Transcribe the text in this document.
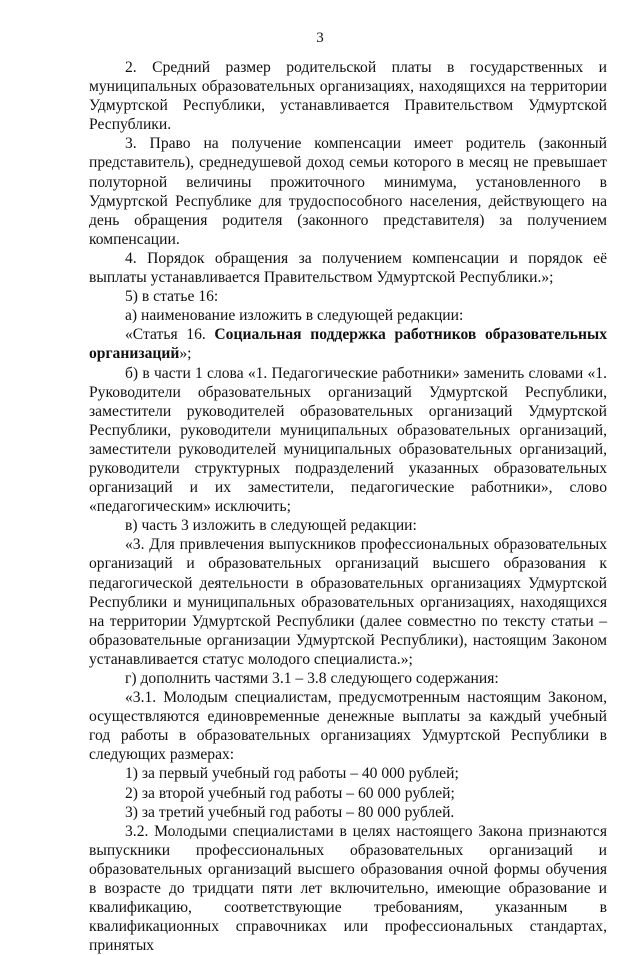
3

2. Средний размер родительской платы в государственных и муниципальных образовательных организациях, находящихся на территории Удмуртской Республики, устанавливается Правительством Удмуртской Республики.

3. Право на получение компенсации имеет родитель (законный представитель), среднедушевой доход семьи которого в месяц не превышает полуторной величины прожиточного минимума, установленного в Удмуртской Республике для трудоспособного населения, действующего на день обращения родителя (законного представителя) за получением компенсации.

4. Порядок обращения за получением компенсации и порядок её выплаты устанавливается Правительством Удмуртской Республики.»;

5) в статье 16:

а) наименование изложить в следующей редакции:

«Статья 16. Социальная поддержка работников образовательных организаций»;

б) в части 1 слова «1. Педагогические работники» заменить словами «1. Руководители образовательных организаций Удмуртской Республики, заместители руководителей образовательных организаций Удмуртской Республики, руководители муниципальных образовательных организаций, заместители руководителей муниципальных образовательных организаций, руководители структурных подразделений указанных образовательных организаций и их заместители, педагогические работники», слово «педагогическим» исключить;

в) часть 3 изложить в следующей редакции:

«3. Для привлечения выпускников профессиональных образовательных организаций и образовательных организаций высшего образования к педагогической деятельности в образовательных организациях Удмуртской Республики и муниципальных образовательных организациях, находящихся на территории Удмуртской Республики (далее совместно по тексту статьи – образовательные организации Удмуртской Республики), настоящим Законом устанавливается статус молодого специалиста.»;

г) дополнить частями 3.1 – 3.8 следующего содержания:

«3.1. Молодым специалистам, предусмотренным настоящим Законом, осуществляются единовременные денежные выплаты за каждый учебный год работы в образовательных организациях Удмуртской Республики в следующих размерах:

1) за первый учебный год работы – 40 000 рублей;

2) за второй учебный год работы – 60 000 рублей;

3) за третий учебный год работы – 80 000 рублей.

3.2. Молодыми специалистами в целях настоящего Закона признаются выпускники профессиональных образовательных организаций и образовательных организаций высшего образования очной формы обучения в возрасте до тридцати пяти лет включительно, имеющие образование и квалификацию, соответствующие требованиям, указанным в квалификационных справочниках или профессиональных стандартах, принятых
